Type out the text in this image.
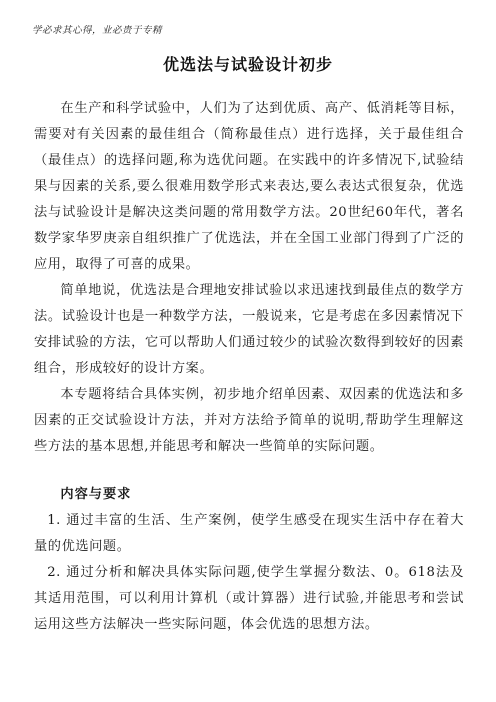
学必求其心得，业必贵于专精
优选法与试验设计初步

在生产和科学试验中，人们为了达到优质、高产、低消耗等目标，需要对有关因素的最佳组合（简称最佳点）进行选择，关于最佳组合（最佳点）的选择问题,称为选优问题。在实践中的许多情况下,试验结果与因素的关系,要么很难用数学形式来表达,要么表达式很复杂，优选法与试验设计是解决这类问题的常用数学方法。20世纪60年代，著名数学家华罗庚亲自组织推广了优选法，并在全国工业部门得到了广泛的应用，取得了可喜的成果。

简单地说，优选法是合理地安排试验以求迅速找到最佳点的数学方法。试验设计也是一种数学方法，一般说来，它是考虑在多因素情况下安排试验的方法，它可以帮助人们通过较少的试验次数得到较好的因素组合，形成较好的设计方案。

本专题将结合具体实例，初步地介绍单因素、双因素的优选法和多因素的正交试验设计方法，并对方法给予简单的说明,帮助学生理解这些方法的基本思想,并能思考和解决一些简单的实际问题。

内容与要求

1. 通过丰富的生活、生产案例，使学生感受在现实生活中存在着大量的优选问题。

2. 通过分析和解决具体实际问题,使学生掌握分数法、0。618法及其适用范围，可以利用计算机（或计算器）进行试验,并能思考和尝试运用这些方法解决一些实际问题，体会优选的思想方法。
